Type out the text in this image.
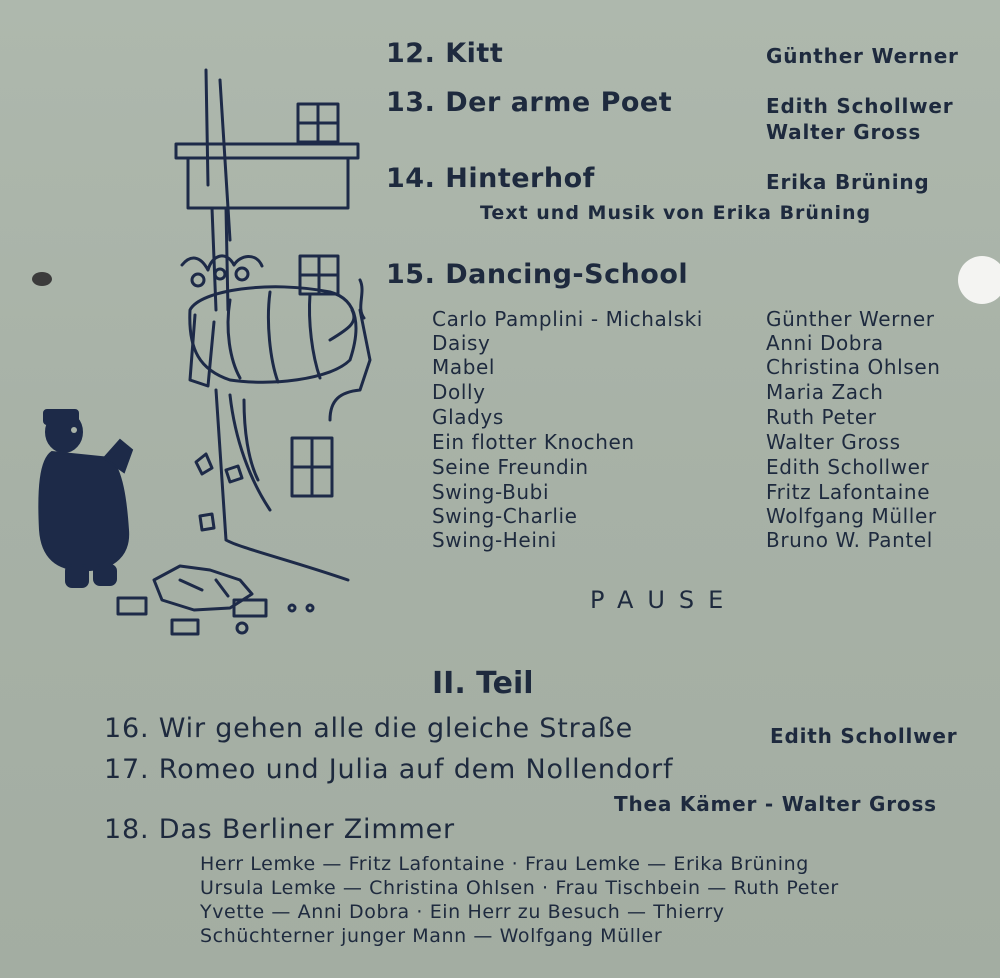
12. Kitt	Günther Werner
13. Der arme Poet	Edith Schollwer
Walter Gross
14. Hinterhof	Erika Brüning
Text und Musik von Erika Brüning
15. Dancing-School
Carlo Pamplini - Michalski	Günther Werner
Daisy	Anni Dobra
Mabel	Christina Ohlsen
Dolly	Maria Zach
Gladys	Ruth Peter
Ein flotter Knochen	Walter Gross
Seine Freundin	Edith Schollwer
Swing-Bubi	Fritz Lafontaine
Swing-Charlie	Wolfgang Müller
Swing-Heini	Bruno W. Pantel
PAUSE
II. Teil
16. Wir gehen alle die gleiche Straße	Edith Schollwer
17. Romeo und Julia auf dem Nollendorf
Thea Kämer - Walter Gross
18. Das Berliner Zimmer
Herr Lemke — Fritz Lafontaine · Frau Lemke — Erika Brüning
Ursula Lemke — Christina Ohlsen · Frau Tischbein — Ruth Peter
Yvette — Anni Dobra · Ein Herr zu Besuch — Thierry
Schüchterner junger Mann — Wolfgang Müller
